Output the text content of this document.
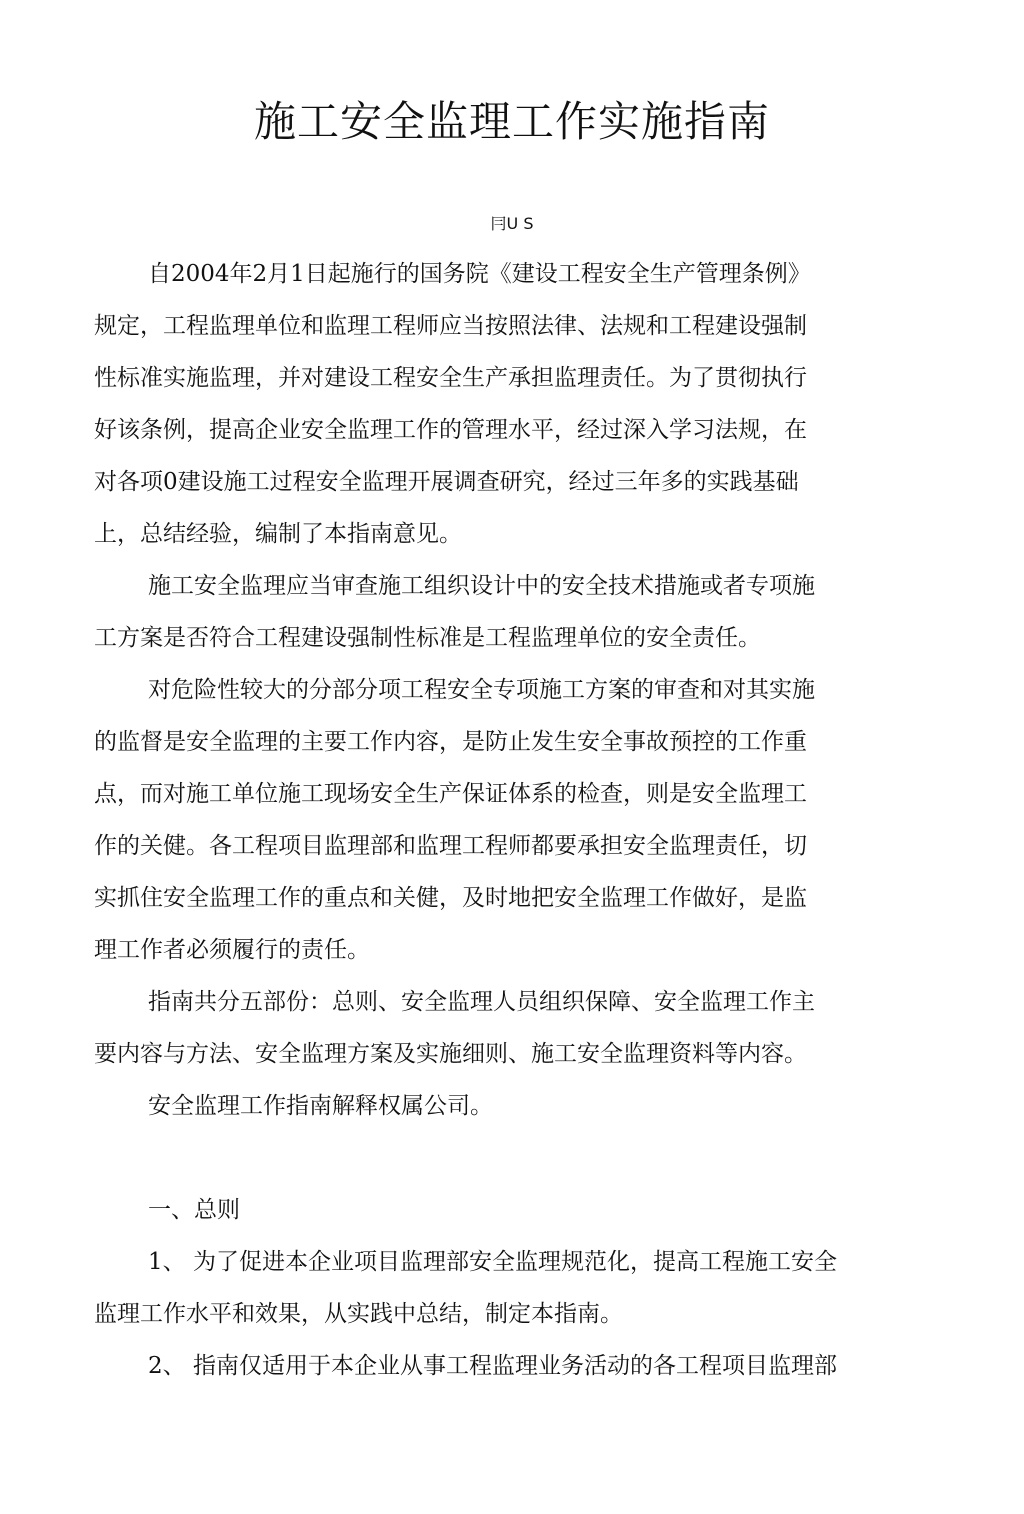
施工安全监理工作实施指南
冃U S
自2004年2月1日起施行的国务院《建设工程安全生产管理条例》
规定，工程监理单位和监理工程师应当按照法律、法规和工程建设强制
性标准实施监理，并对建设工程安全生产承担监理责任。为了贯彻执行
好该条例，提高企业安全监理工作的管理水平，经过深入学习法规，在
对各项0建设施工过程安全监理开展调查研究，经过三年多的实践基础
上，总结经验，编制了本指南意见。
施工安全监理应当审查施工组织设计中的安全技术措施或者专项施
工方案是否符合工程建设强制性标准是工程监理单位的安全责任。
对危险性较大的分部分项工程安全专项施工方案的审查和对其实施
的监督是安全监理的主要工作内容，是防止发生安全事故预控的工作重
点，而对施工单位施工现场安全生产保证体系的检查，则是安全监理工
作的关健。各工程项目监理部和监理工程师都要承担安全监理责任，切
实抓住安全监理工作的重点和关健，及时地把安全监理工作做好，是监
理工作者必须履行的责任。
指南共分五部份：总则、安全监理人员组织保障、安全监理工作主
要内容与方法、安全监理方案及实施细则、施工安全监理资料等内容。
安全监理工作指南解释权属公司。
一、总则
1、 为了促进本企业项目监理部安全监理规范化，提高工程施工安全
监理工作水平和效果，从实践中总结，制定本指南。
2、 指南仅适用于本企业从事工程监理业务活动的各工程项目监理部
